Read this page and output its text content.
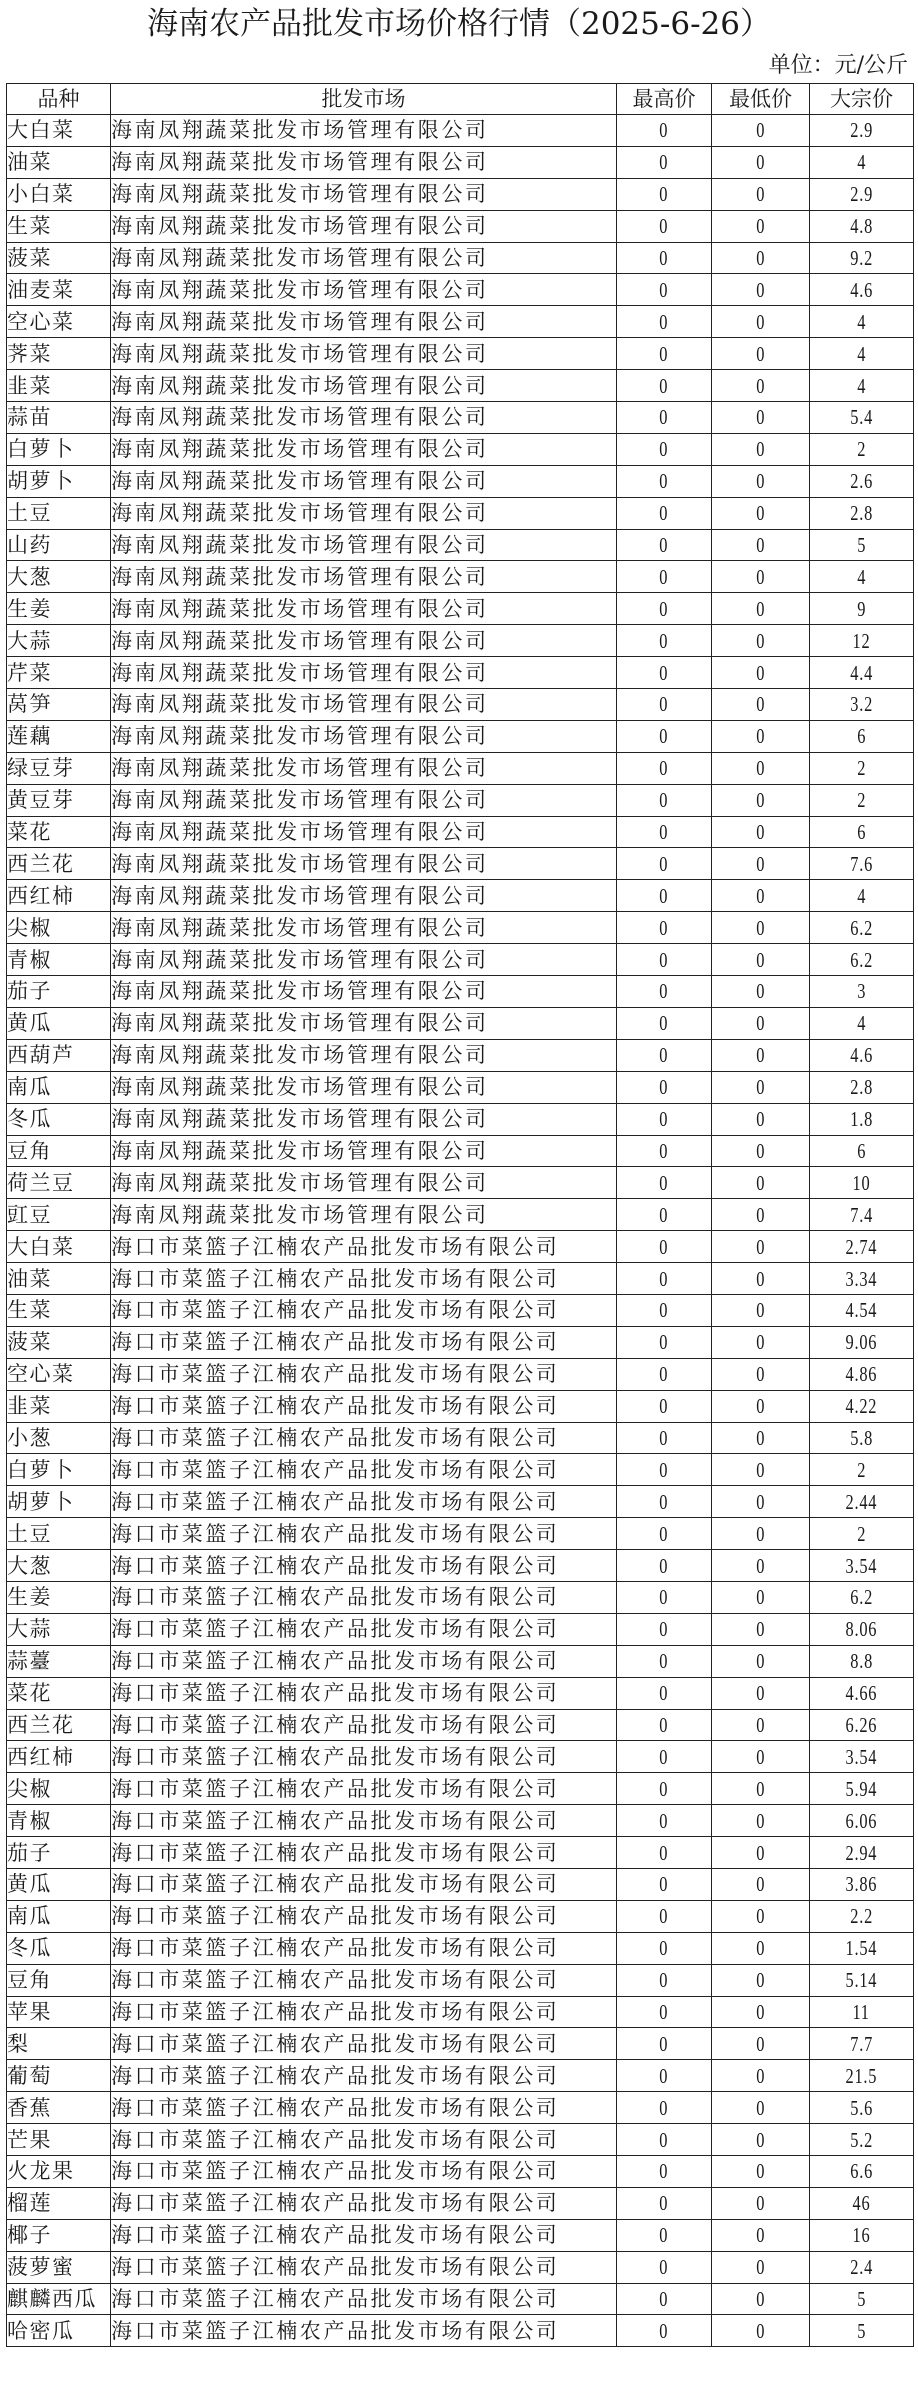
海南农产品批发市场价格行情（2025-6-26）
单位：元/公斤
品种	批发市场	最高价	最低价	大宗价
大白菜	海南凤翔蔬菜批发市场管理有限公司	0	0	2.9
油菜	海南凤翔蔬菜批发市场管理有限公司	0	0	4
小白菜	海南凤翔蔬菜批发市场管理有限公司	0	0	2.9
生菜	海南凤翔蔬菜批发市场管理有限公司	0	0	4.8
菠菜	海南凤翔蔬菜批发市场管理有限公司	0	0	9.2
油麦菜	海南凤翔蔬菜批发市场管理有限公司	0	0	4.6
空心菜	海南凤翔蔬菜批发市场管理有限公司	0	0	4
荠菜	海南凤翔蔬菜批发市场管理有限公司	0	0	4
韭菜	海南凤翔蔬菜批发市场管理有限公司	0	0	4
蒜苗	海南凤翔蔬菜批发市场管理有限公司	0	0	5.4
白萝卜	海南凤翔蔬菜批发市场管理有限公司	0	0	2
胡萝卜	海南凤翔蔬菜批发市场管理有限公司	0	0	2.6
土豆	海南凤翔蔬菜批发市场管理有限公司	0	0	2.8
山药	海南凤翔蔬菜批发市场管理有限公司	0	0	5
大葱	海南凤翔蔬菜批发市场管理有限公司	0	0	4
生姜	海南凤翔蔬菜批发市场管理有限公司	0	0	9
大蒜	海南凤翔蔬菜批发市场管理有限公司	0	0	12
芹菜	海南凤翔蔬菜批发市场管理有限公司	0	0	4.4
莴笋	海南凤翔蔬菜批发市场管理有限公司	0	0	3.2
莲藕	海南凤翔蔬菜批发市场管理有限公司	0	0	6
绿豆芽	海南凤翔蔬菜批发市场管理有限公司	0	0	2
黄豆芽	海南凤翔蔬菜批发市场管理有限公司	0	0	2
菜花	海南凤翔蔬菜批发市场管理有限公司	0	0	6
西兰花	海南凤翔蔬菜批发市场管理有限公司	0	0	7.6
西红柿	海南凤翔蔬菜批发市场管理有限公司	0	0	4
尖椒	海南凤翔蔬菜批发市场管理有限公司	0	0	6.2
青椒	海南凤翔蔬菜批发市场管理有限公司	0	0	6.2
茄子	海南凤翔蔬菜批发市场管理有限公司	0	0	3
黄瓜	海南凤翔蔬菜批发市场管理有限公司	0	0	4
西葫芦	海南凤翔蔬菜批发市场管理有限公司	0	0	4.6
南瓜	海南凤翔蔬菜批发市场管理有限公司	0	0	2.8
冬瓜	海南凤翔蔬菜批发市场管理有限公司	0	0	1.8
豆角	海南凤翔蔬菜批发市场管理有限公司	0	0	6
荷兰豆	海南凤翔蔬菜批发市场管理有限公司	0	0	10
豇豆	海南凤翔蔬菜批发市场管理有限公司	0	0	7.4
大白菜	海口市菜篮子江楠农产品批发市场有限公司	0	0	2.74
油菜	海口市菜篮子江楠农产品批发市场有限公司	0	0	3.34
生菜	海口市菜篮子江楠农产品批发市场有限公司	0	0	4.54
菠菜	海口市菜篮子江楠农产品批发市场有限公司	0	0	9.06
空心菜	海口市菜篮子江楠农产品批发市场有限公司	0	0	4.86
韭菜	海口市菜篮子江楠农产品批发市场有限公司	0	0	4.22
小葱	海口市菜篮子江楠农产品批发市场有限公司	0	0	5.8
白萝卜	海口市菜篮子江楠农产品批发市场有限公司	0	0	2
胡萝卜	海口市菜篮子江楠农产品批发市场有限公司	0	0	2.44
土豆	海口市菜篮子江楠农产品批发市场有限公司	0	0	2
大葱	海口市菜篮子江楠农产品批发市场有限公司	0	0	3.54
生姜	海口市菜篮子江楠农产品批发市场有限公司	0	0	6.2
大蒜	海口市菜篮子江楠农产品批发市场有限公司	0	0	8.06
蒜薹	海口市菜篮子江楠农产品批发市场有限公司	0	0	8.8
菜花	海口市菜篮子江楠农产品批发市场有限公司	0	0	4.66
西兰花	海口市菜篮子江楠农产品批发市场有限公司	0	0	6.26
西红柿	海口市菜篮子江楠农产品批发市场有限公司	0	0	3.54
尖椒	海口市菜篮子江楠农产品批发市场有限公司	0	0	5.94
青椒	海口市菜篮子江楠农产品批发市场有限公司	0	0	6.06
茄子	海口市菜篮子江楠农产品批发市场有限公司	0	0	2.94
黄瓜	海口市菜篮子江楠农产品批发市场有限公司	0	0	3.86
南瓜	海口市菜篮子江楠农产品批发市场有限公司	0	0	2.2
冬瓜	海口市菜篮子江楠农产品批发市场有限公司	0	0	1.54
豆角	海口市菜篮子江楠农产品批发市场有限公司	0	0	5.14
苹果	海口市菜篮子江楠农产品批发市场有限公司	0	0	11
梨	海口市菜篮子江楠农产品批发市场有限公司	0	0	7.7
葡萄	海口市菜篮子江楠农产品批发市场有限公司	0	0	21.5
香蕉	海口市菜篮子江楠农产品批发市场有限公司	0	0	5.6
芒果	海口市菜篮子江楠农产品批发市场有限公司	0	0	5.2
火龙果	海口市菜篮子江楠农产品批发市场有限公司	0	0	6.6
榴莲	海口市菜篮子江楠农产品批发市场有限公司	0	0	46
椰子	海口市菜篮子江楠农产品批发市场有限公司	0	0	16
菠萝蜜	海口市菜篮子江楠农产品批发市场有限公司	0	0	2.4
麒麟西瓜	海口市菜篮子江楠农产品批发市场有限公司	0	0	5
哈密瓜	海口市菜篮子江楠农产品批发市场有限公司	0	0	5
